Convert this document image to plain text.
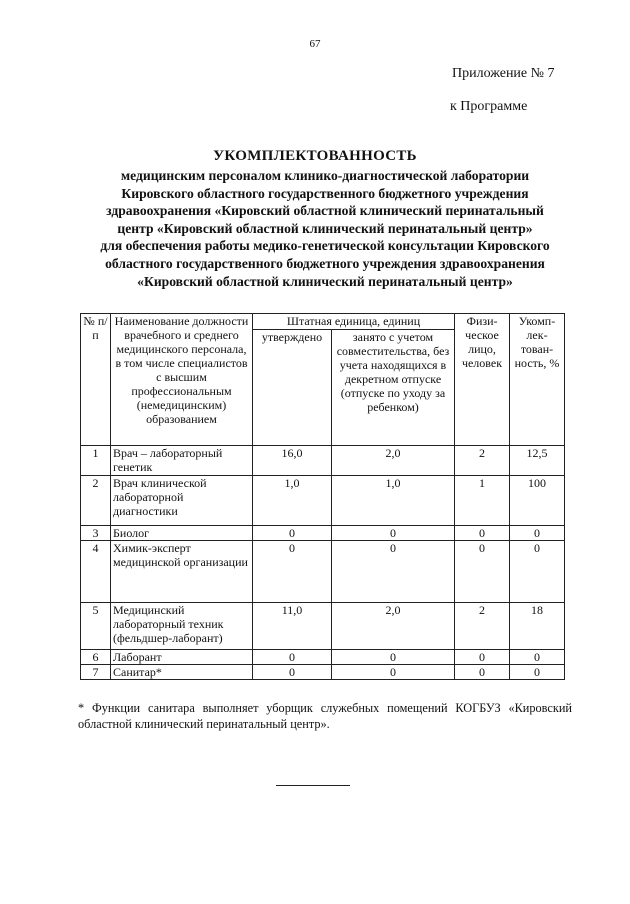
67
Приложение № 7
к Программе
УКОМПЛЕКТОВАННОСТЬ
медицинским персоналом клинико-диагностической лаборатории
Кировского областного государственного бюджетного учреждения
здравоохранения «Кировский областной клинический перинатальный
центр «Кировский областной клинический перинатальный центр»
для обеспечения работы медико-генетической консультации Кировского
областного государственного бюджетного учреждения здравоохранения
«Кировский областной клинический перинатальный центр»
№ п/п	Наименование должности врачебного и среднего медицинского персонала, в том числе специалистов с высшим профессиональным (немедицинским) образованием	Штатная единица, единиц		Физи-ческое лицо, человек	Укомп-лек-тован-ность, %
		утверждено	занято с учетом совместительства, без учета находящихся в декретном отпуске (отпуске по уходу за ребенком)		
1	Врач – лабораторный генетик	16,0	2,0	2	12,5
2	Врач клинической лабораторной диагностики	1,0	1,0	1	100
3	Биолог	0	0	0	0
4	Химик-эксперт медицинской организации	0	0	0	0
5	Медицинский лабораторный техник (фельдшер-лаборант)	11,0	2,0	2	18
6	Лаборант	0	0	0	0
7	Санитар*	0	0	0	0
* Функции санитара выполняет уборщик служебных помещений КОГБУЗ «Кировский областной клинический перинатальный центр».
